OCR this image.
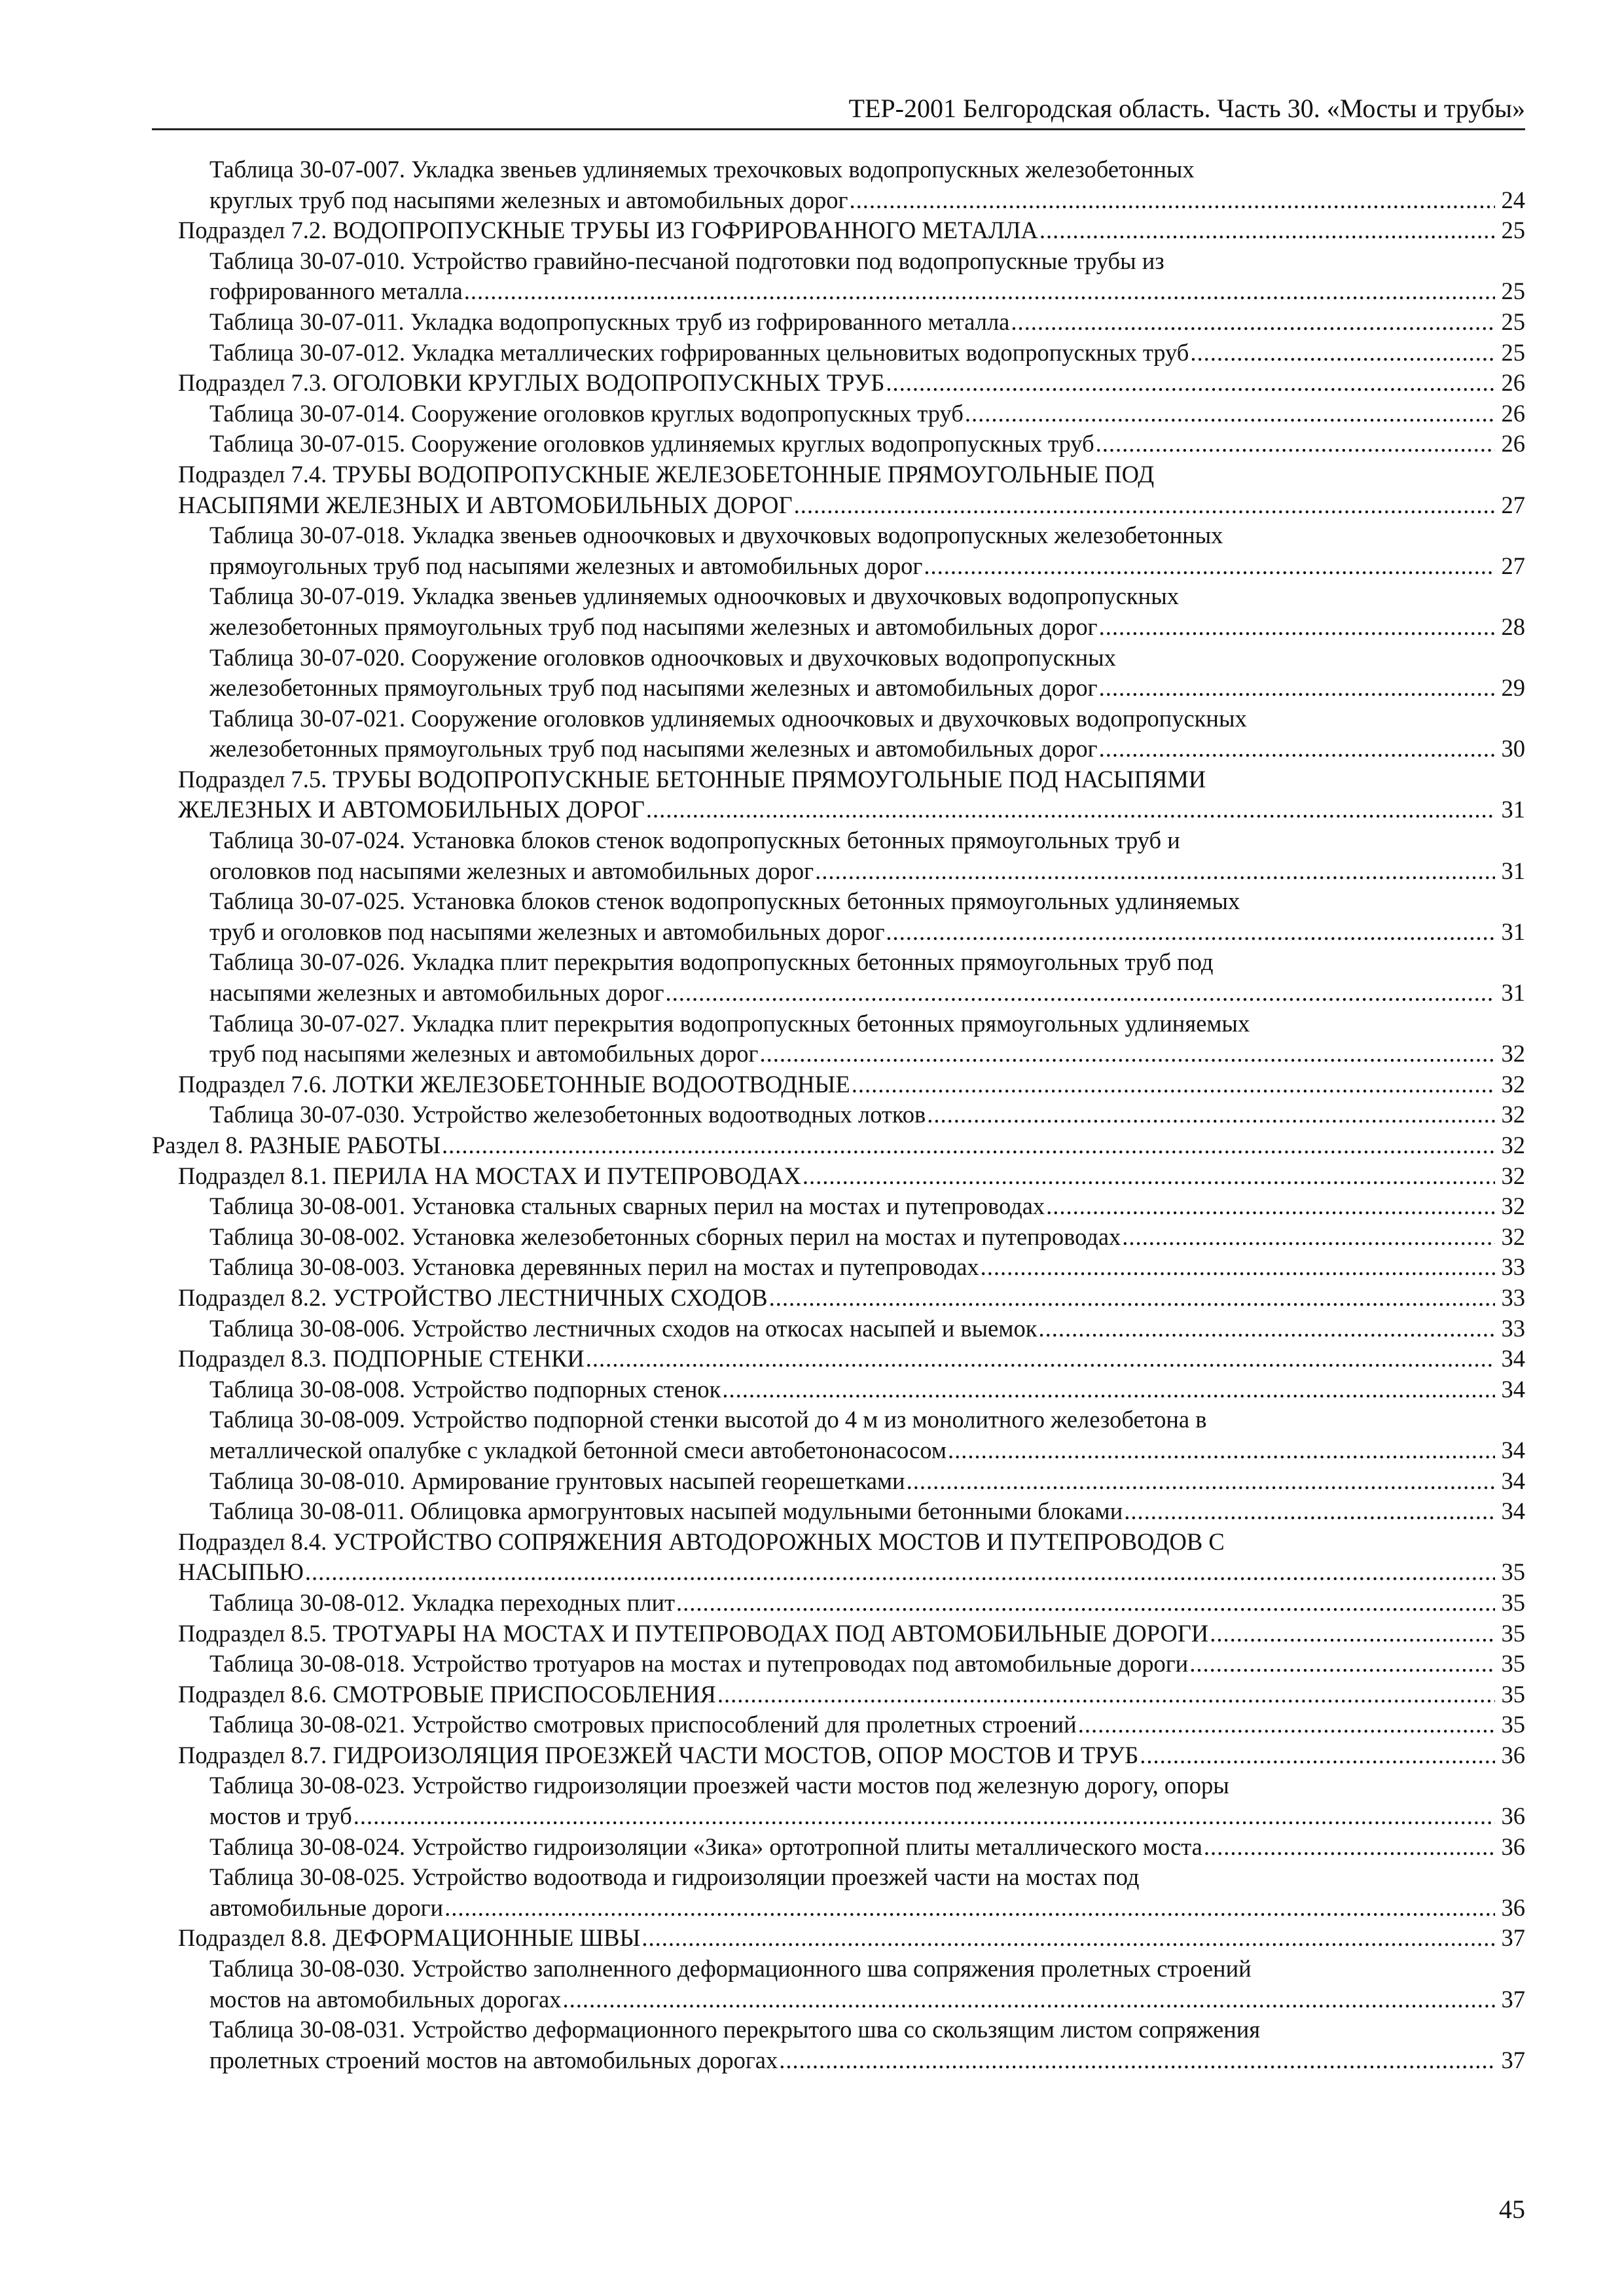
ТЕР-2001 Белгородская область. Часть 30. «Мосты и трубы»
Таблица 30-07-007. Укладка звеньев удлиняемых трехочковых водопропускных железобетонных
круглых труб под насыпями железных и автомобильных дорог .....	24
Подраздел 7.2. ВОДОПРОПУСКНЫЕ ТРУБЫ ИЗ ГОФРИРОВАННОГО МЕТАЛЛА .....	25
Таблица 30-07-010. Устройство гравийно-песчаной подготовки под водопропускные трубы из
гофрированного металла .....	25
Таблица 30-07-011. Укладка водопропускных труб из гофрированного металла .....	25
Таблица 30-07-012. Укладка металлических гофрированных цельновитых водопропускных труб .....	25
Подраздел 7.3. ОГОЛОВКИ КРУГЛЫХ ВОДОПРОПУСКНЫХ ТРУБ .....	26
Таблица 30-07-014. Сооружение оголовков круглых водопропускных труб .....	26
Таблица 30-07-015. Сооружение оголовков удлиняемых круглых водопропускных труб .....	26
Подраздел 7.4. ТРУБЫ ВОДОПРОПУСКНЫЕ ЖЕЛЕЗОБЕТОННЫЕ ПРЯМОУГОЛЬНЫЕ ПОД
НАСЫПЯМИ ЖЕЛЕЗНЫХ И АВТОМОБИЛЬНЫХ ДОРОГ .....	27
Таблица 30-07-018. Укладка звеньев одноочковых и двухочковых водопропускных железобетонных
прямоугольных труб под насыпями железных и автомобильных дорог .....	27
Таблица 30-07-019. Укладка звеньев удлиняемых одноочковых и двухочковых водопропускных
железобетонных прямоугольных труб под насыпями железных и автомобильных дорог .....	28
Таблица 30-07-020. Сооружение оголовков одноочковых и двухочковых водопропускных
железобетонных прямоугольных труб под насыпями железных и автомобильных дорог .....	29
Таблица 30-07-021. Сооружение оголовков удлиняемых одноочковых и двухочковых водопропускных
железобетонных прямоугольных труб под насыпями железных и автомобильных дорог .....	30
Подраздел 7.5. ТРУБЫ ВОДОПРОПУСКНЫЕ БЕТОННЫЕ ПРЯМОУГОЛЬНЫЕ ПОД НАСЫПЯМИ
ЖЕЛЕЗНЫХ И АВТОМОБИЛЬНЫХ ДОРОГ .....	31
Таблица 30-07-024. Установка блоков стенок водопропускных бетонных прямоугольных труб и
оголовков под насыпями железных и автомобильных дорог .....	31
Таблица 30-07-025. Установка блоков стенок водопропускных бетонных прямоугольных удлиняемых
труб и оголовков под насыпями железных и автомобильных дорог .....	31
Таблица 30-07-026. Укладка плит перекрытия водопропускных бетонных прямоугольных труб под
насыпями железных и автомобильных дорог .....	31
Таблица 30-07-027. Укладка плит перекрытия водопропускных бетонных прямоугольных удлиняемых
труб под насыпями железных и автомобильных дорог .....	32
Подраздел 7.6. ЛОТКИ ЖЕЛЕЗОБЕТОННЫЕ ВОДООТВОДНЫЕ .....	32
Таблица 30-07-030. Устройство железобетонных водоотводных лотков .....	32
Раздел 8. РАЗНЫЕ РАБОТЫ .....	32
Подраздел 8.1. ПЕРИЛА НА МОСТАХ И ПУТЕПРОВОДАХ .....	32
Таблица 30-08-001. Установка стальных сварных перил на мостах и путепроводах .....	32
Таблица 30-08-002. Установка железобетонных сборных перил на мостах и путепроводах .....	32
Таблица 30-08-003. Установка деревянных перил на мостах и путепроводах .....	33
Подраздел 8.2. УСТРОЙСТВО ЛЕСТНИЧНЫХ СХОДОВ .....	33
Таблица 30-08-006. Устройство лестничных сходов на откосах насыпей и выемок .....	33
Подраздел 8.3. ПОДПОРНЫЕ СТЕНКИ .....	34
Таблица 30-08-008. Устройство подпорных стенок .....	34
Таблица 30-08-009. Устройство подпорной стенки высотой до 4 м из монолитного железобетона в
металлической опалубке с укладкой бетонной смеси автобетононасосом .....	34
Таблица 30-08-010. Армирование грунтовых насыпей георешетками .....	34
Таблица 30-08-011. Облицовка армогрунтовых насыпей модульными бетонными блоками .....	34
Подраздел 8.4. УСТРОЙСТВО СОПРЯЖЕНИЯ АВТОДОРОЖНЫХ МОСТОВ И ПУТЕПРОВОДОВ С
НАСЫПЬЮ .....	35
Таблица 30-08-012. Укладка переходных плит .....	35
Подраздел 8.5. ТРОТУАРЫ НА МОСТАХ И ПУТЕПРОВОДАХ ПОД АВТОМОБИЛЬНЫЕ ДОРОГИ .....	35
Таблица 30-08-018. Устройство тротуаров на мостах и путепроводах под автомобильные дороги .....	35
Подраздел 8.6. СМОТРОВЫЕ ПРИСПОСОБЛЕНИЯ .....	35
Таблица 30-08-021. Устройство смотровых приспособлений для пролетных строений .....	35
Подраздел 8.7. ГИДРОИЗОЛЯЦИЯ ПРОЕЗЖЕЙ ЧАСТИ МОСТОВ, ОПОР МОСТОВ И ТРУБ .....	36
Таблица 30-08-023. Устройство гидроизоляции проезжей части мостов под железную дорогу, опоры
мостов и труб .....	36
Таблица 30-08-024. Устройство гидроизоляции «Зика» ортотропной плиты металлического моста .....	36
Таблица 30-08-025. Устройство водоотвода и гидроизоляции проезжей части на мостах под
автомобильные дороги .....	36
Подраздел 8.8. ДЕФОРМАЦИОННЫЕ ШВЫ .....	37
Таблица 30-08-030. Устройство заполненного деформационного шва сопряжения пролетных строений
мостов на автомобильных дорогах .....	37
Таблица 30-08-031. Устройство деформационного перекрытого шва со скользящим листом сопряжения
пролетных строений мостов на автомобильных дорогах .....	37
45
